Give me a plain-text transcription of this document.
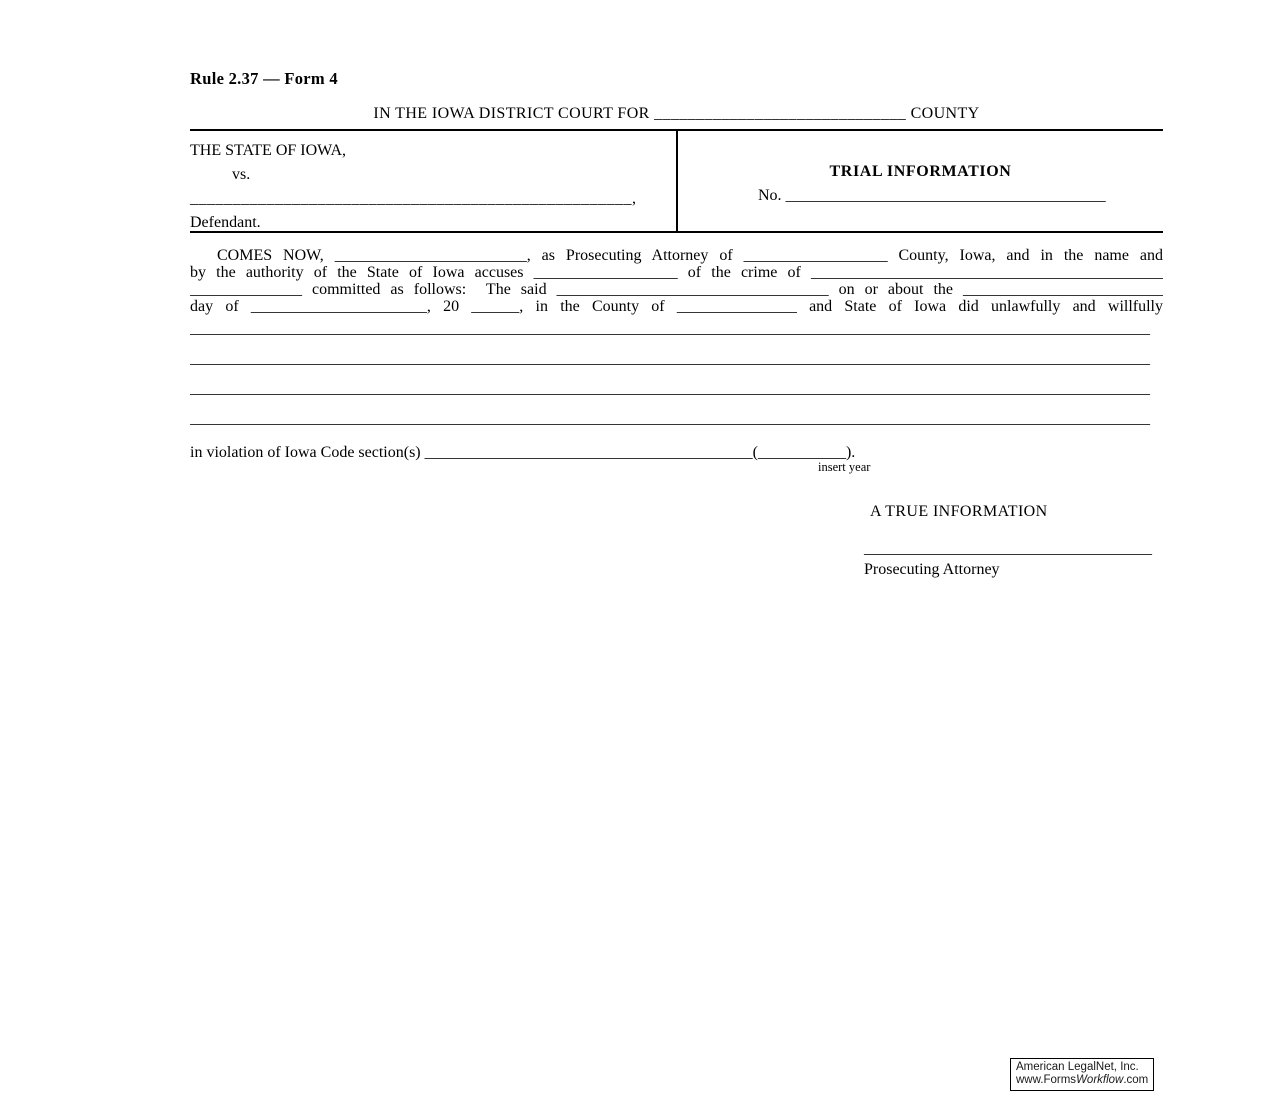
Rule 2.37 — Form 4
IN THE IOWA DISTRICT COURT FOR ______________________________ COUNTY
THE STATE OF IOWA,
vs.
____________________________________________________,
Defendant.
TRIAL INFORMATION
No. ________________________________________
COMES NOW, ________________________, as Prosecuting Attorney of __________________ County, Iowa, and in the name and
by the authority of the State of Iowa accuses __________________ of the crime of ____________________________________________
______________ committed as follows:  The said __________________________________ on or about the _________________________
day of ______________________, 20 ______, in the County of _______________ and State of Iowa did unlawfully and willfully
________________________________________________________________________________________________________________________
________________________________________________________________________________________________________________________
________________________________________________________________________________________________________________________
________________________________________________________________________________________________________________________
in violation of Iowa Code section(s) _________________________________________(___________).
insert year
A TRUE INFORMATION
____________________________________
Prosecuting Attorney
American LegalNet, Inc.
www.FormsWorkflow.com
